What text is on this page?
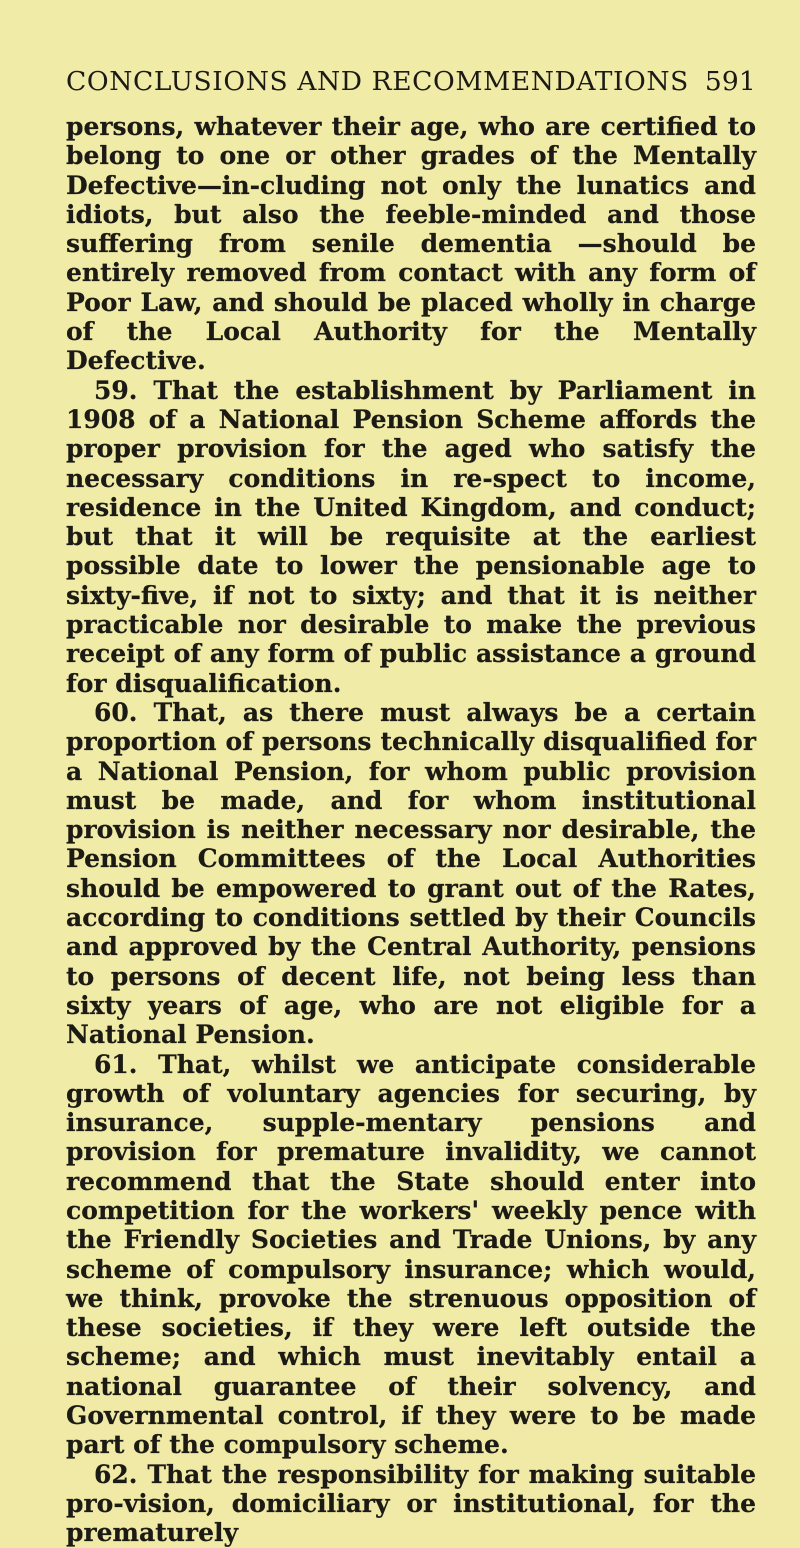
CONCLUSIONS AND RECOMMENDATIONS 591

persons, whatever their age, who are certified to belong to one or other grades of the Mentally Defective—in-cluding not only the lunatics and idiots, but also the feeble-minded and those suffering from senile dementia —should be entirely removed from contact with any form of Poor Law, and should be placed wholly in charge of the Local Authority for the Mentally Defective.

59. That the establishment by Parliament in 1908 of a National Pension Scheme affords the proper provision for the aged who satisfy the necessary conditions in re-spect to income, residence in the United Kingdom, and conduct; but that it will be requisite at the earliest possible date to lower the pensionable age to sixty-five, if not to sixty; and that it is neither practicable nor desirable to make the previous receipt of any form of public assistance a ground for disqualification.

60. That, as there must always be a certain proportion of persons technically disqualified for a National Pension, for whom public provision must be made, and for whom institutional provision is neither necessary nor desirable, the Pension Committees of the Local Authorities should be empowered to grant out of the Rates, according to conditions settled by their Councils and approved by the Central Authority, pensions to persons of decent life, not being less than sixty years of age, who are not eligible for a National Pension.

61. That, whilst we anticipate considerable growth of voluntary agencies for securing, by insurance, supple-mentary pensions and provision for premature invalidity, we cannot recommend that the State should enter into competition for the workers' weekly pence with the Friendly Societies and Trade Unions, by any scheme of compulsory insurance; which would, we think, provoke the strenuous opposition of these societies, if they were left outside the scheme; and which must inevitably entail a national guarantee of their solvency, and Governmental control, if they were to be made part of the compulsory scheme.

62. That the responsibility for making suitable pro-vision, domiciliary or institutional, for the prematurely
